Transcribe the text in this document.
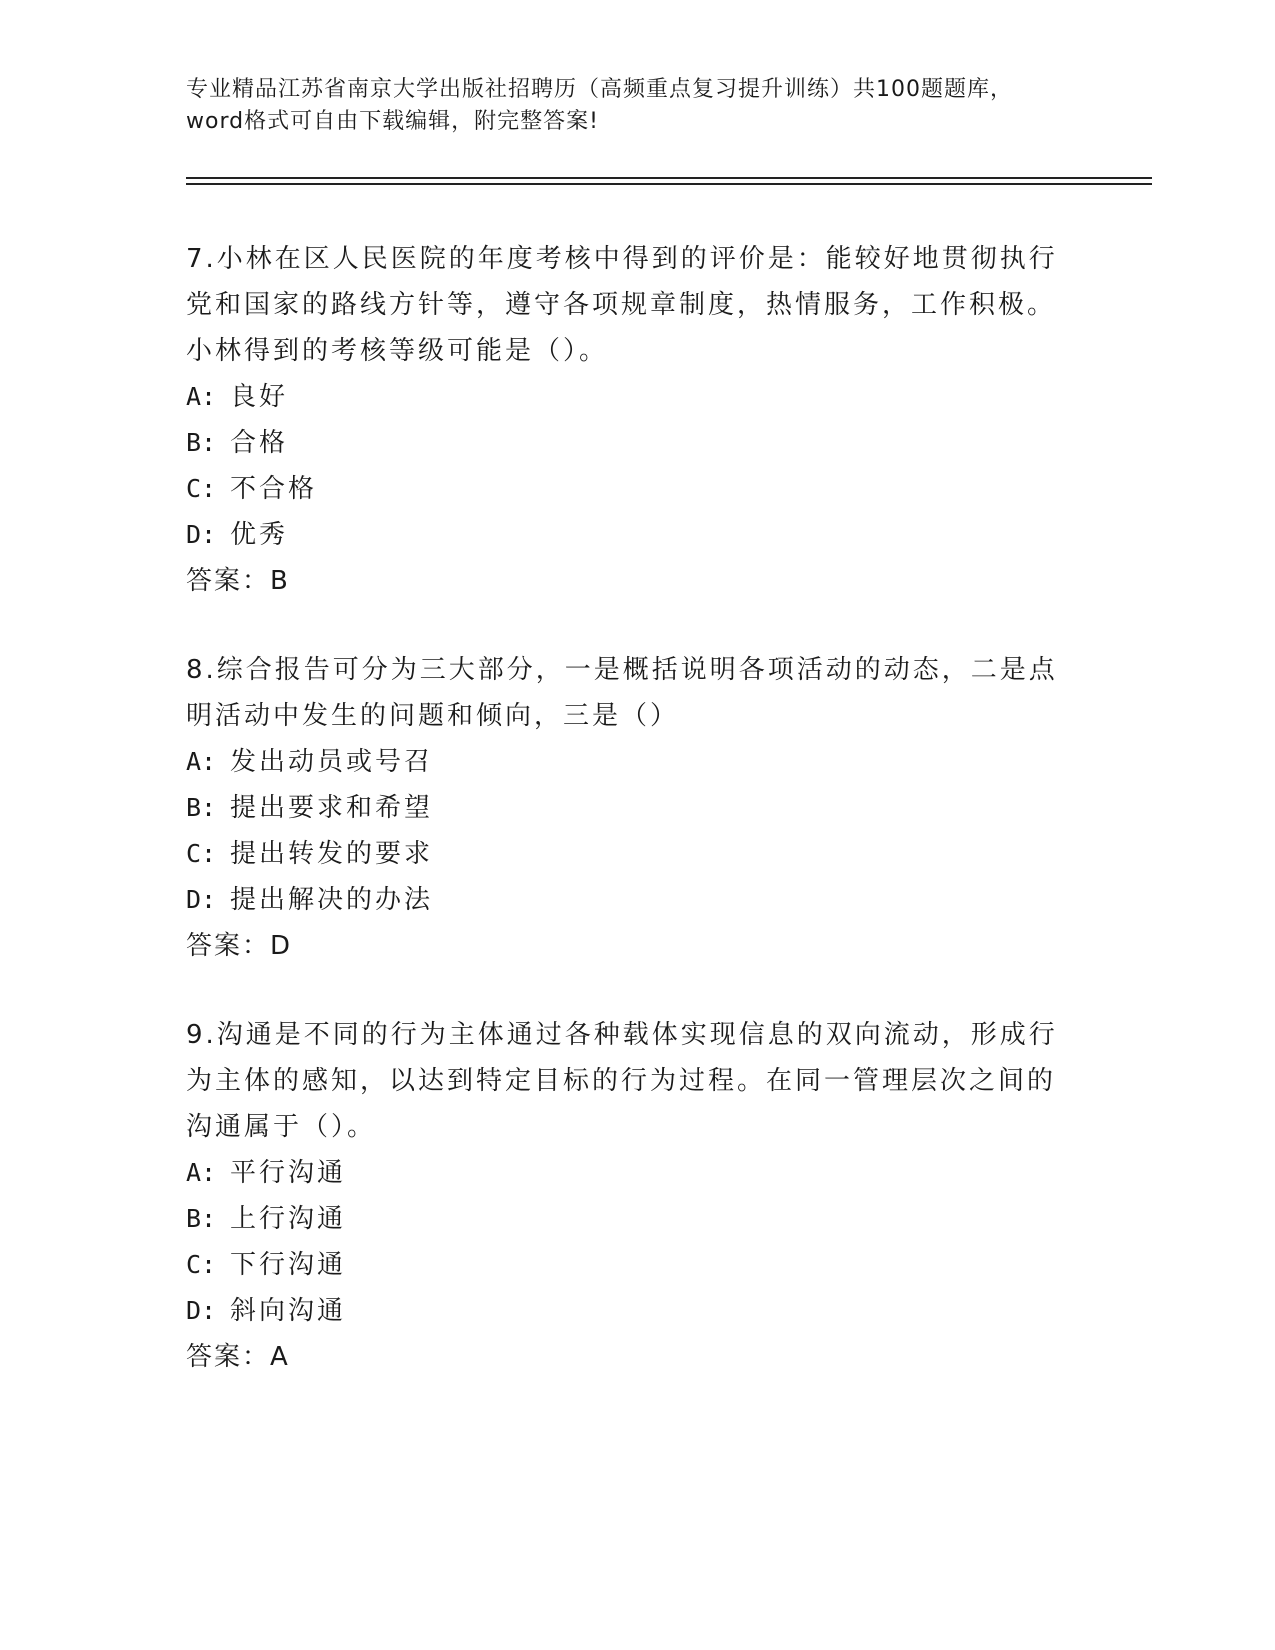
专业精品江苏省南京大学出版社招聘历（高频重点复习提升训练）共100题题库，word格式可自由下载编辑，附完整答案!

7.小林在区人民医院的年度考核中得到的评价是：能较好地贯彻执行党和国家的路线方针等，遵守各项规章制度，热情服务，工作积极。小林得到的考核等级可能是（）。

A: 良好
B: 合格
C: 不合格
D: 优秀
答案：B

8.综合报告可分为三大部分，一是概括说明各项活动的动态，二是点明活动中发生的问题和倾向，三是（）

A: 发出动员或号召
B: 提出要求和希望
C: 提出转发的要求
D: 提出解决的办法
答案：D

9.沟通是不同的行为主体通过各种载体实现信息的双向流动，形成行为主体的感知，以达到特定目标的行为过程。在同一管理层次之间的沟通属于（）。

A: 平行沟通
B: 上行沟通
C: 下行沟通
D: 斜向沟通
答案：A
